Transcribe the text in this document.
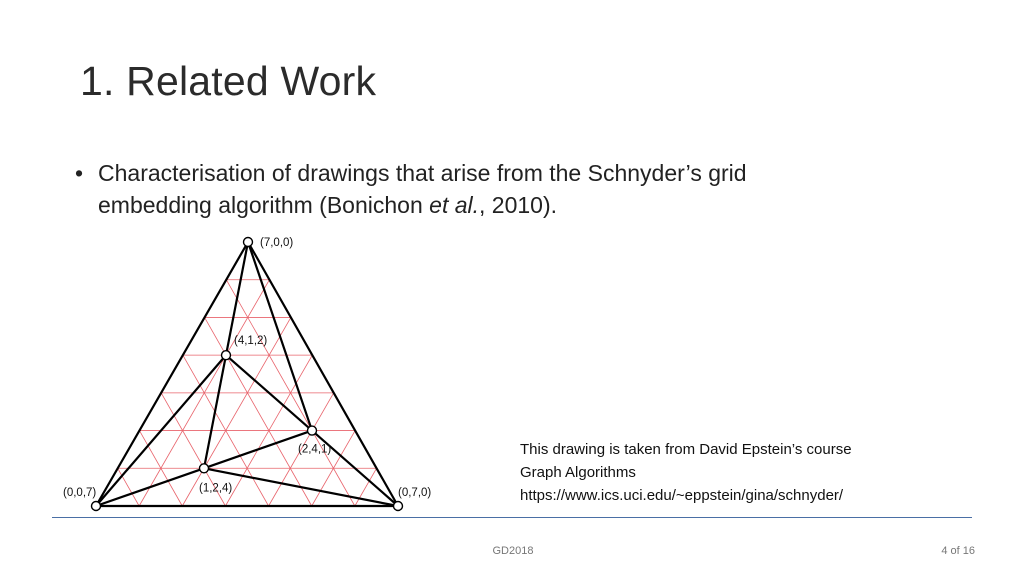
1. Related Work
• Characterisation of drawings that arise from the Schnyder’s grid
embedding algorithm (Bonichon et al., 2010).
(7,0,0)
(4,1,2)
(2,4,1)
(1,2,4)
(0,0,7)	(0,7,0)
This drawing is taken from David Epstein’s course
Graph Algorithms
https://www.ics.uci.edu/~eppstein/gina/schnyder/
GD2018	4 of 16
